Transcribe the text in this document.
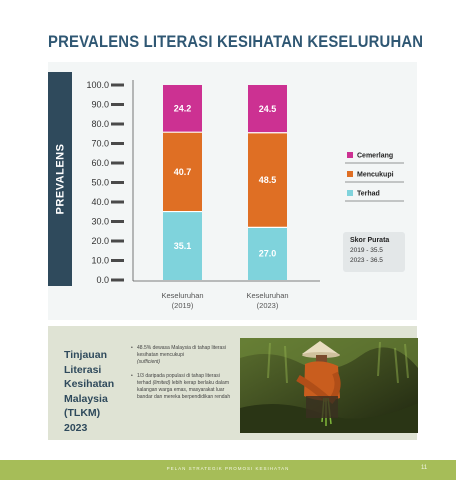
PREVALENS LITERASI KESIHATAN KESELURUHAN
PREVALENS
0.0
10.0
20.0
30.0
40.0
50.0
60.0
70.0
80.0
90.0
100.0
35.1
40.7
24.2
Keseluruhan
(2019)
27.0
48.5
24.5
Keseluruhan
(2023)
Cemerlang
Mencukupi
Terhad
Skor Purata
2019 - 35.5
2023 - 36.5
Tinjauan
Literasi
Kesihatan
Malaysia
(TLKM)
2023
• 48.5% dewasa Malaysia di tahap literasi kesihatan mencukupi
(sufficient)
• 1/3 daripada populasi di tahap literasi terhad (limited) lebih kerap berlaku dalam kalangan warga emas, masyarakat luar bandar dan mereka berpendidikan rendah
PELAN STRATEGIK PROMOSI KESIHATAN	11
